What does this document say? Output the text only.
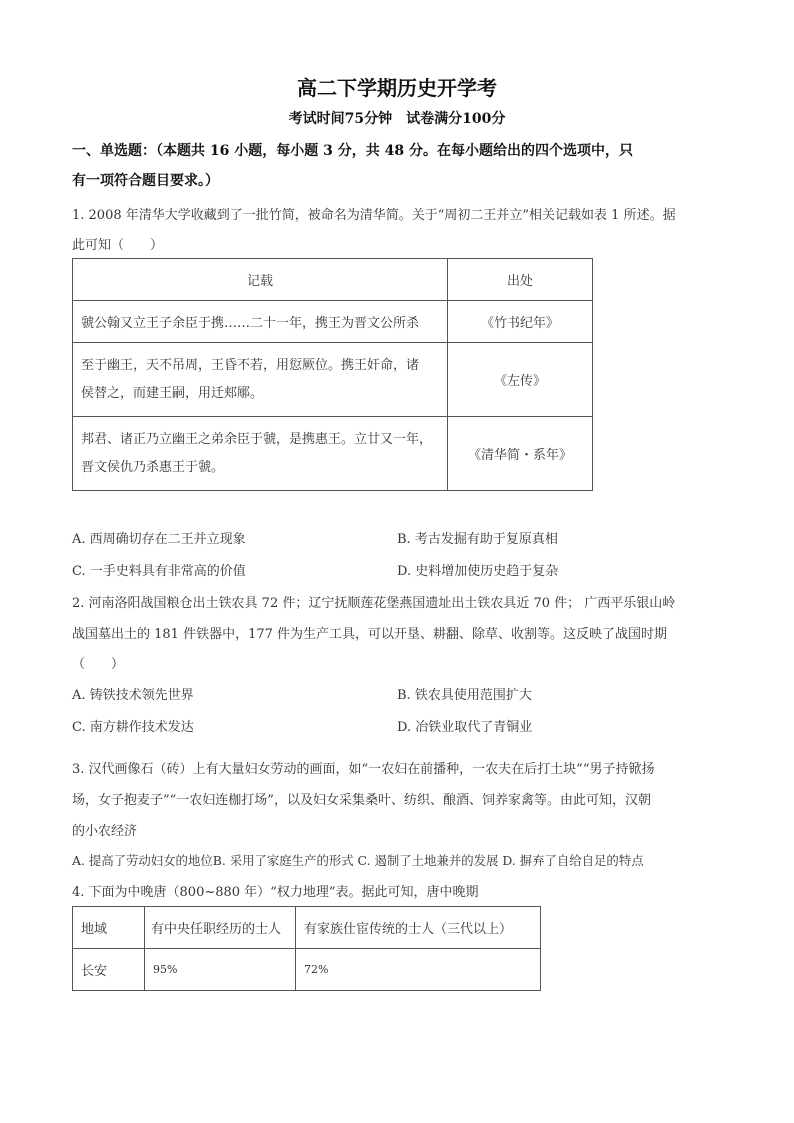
高二下学期历史开学考
考试时间75分钟　试卷满分100分
一、单选题：（本题共 16 小题，每小题 3 分，共 48 分。在每小题给出的四个选项中，只
有一项符合题目要求。）
1. 2008 年清华大学收藏到了一批竹简，被命名为清华简。关于“周初二王并立”相关记载如表 1 所述。据
此可知（　　）
记载	出处
虢公翰又立王子余臣于携……二十一年，携王为晋文公所杀	《竹书纪年》
至于幽王，天不吊周，王昏不若，用愆厥位。携王奸命，诸
侯替之，而建王嗣，用迁郏鄏。	《左传》
邦君、诸正乃立幽王之弟余臣于虢，是携惠王。立廿又一年，
晋文侯仇乃杀惠王于虢。	《清华简・系年》
A. 西周确切存在二王并立现象	B. 考古发掘有助于复原真相
C. 一手史料具有非常高的价值	D. 史料增加使历史趋于复杂
2. 河南洛阳战国粮仓出土铁农具 72 件；辽宁抚顺莲花堡燕国遗址出土铁农具近 70 件； 广西平乐银山岭
战国墓出土的 181 件铁器中，177 件为生产工具，可以开垦、耕翻、除草、收割等。这反映了战国时期
（　　）
A. 铸铁技术领先世界	B. 铁农具使用范围扩大
C. 南方耕作技术发达	D. 冶铁业取代了青铜业
3. 汉代画像石（砖）上有大量妇女劳动的画面，如“一农妇在前播种，一农夫在后打土块”“男子持锨扬
场，女子抱麦子”“一农妇连枷打场”，以及妇女采集桑叶、纺织、酿酒、饲养家禽等。由此可知，汉朝
的小农经济
A. 提高了劳动妇女的地位B. 采用了家庭生产的形式 C. 遏制了土地兼并的发展 D. 摒弃了自给自足的特点
4. 下面为中晚唐（800~880 年）“权力地理”表。据此可知，唐中晚期
地域	有中央任职经历的士人	有家族仕宦传统的士人（三代以上）
长安	95%	72%
